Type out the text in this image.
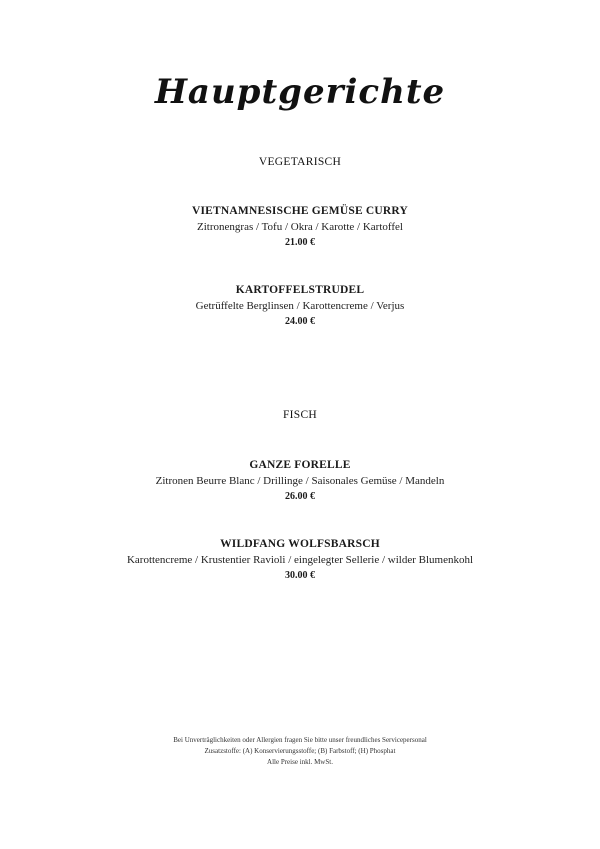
Hauptgerichte
VEGETARISCH
VIETNAMNESISCHE GEMÜSE CURRY
Zitronengras / Tofu / Okra / Karotte / Kartoffel
21.00 €
KARTOFFELSTRUDEL
Getrüffelte Berglinsen / Karottencreme / Verjus
24.00 €
FISCH
GANZE FORELLE
Zitronen Beurre Blanc / Drillinge / Saisonales Gemüse / Mandeln
26.00 €
WILDFANG WOLFSBARSCH
Karottencreme / Krustentier Ravioli / eingelegter Sellerie / wilder Blumenkohl
30.00 €
Bei Unverträglichkeiten oder Allergien fragen Sie bitte unser freundliches Servicepersonal
Zusatzstoffe: (A) Konservierungsstoffe; (B) Farbstoff; (H) Phosphat
Alle Preise inkl. MwSt.
